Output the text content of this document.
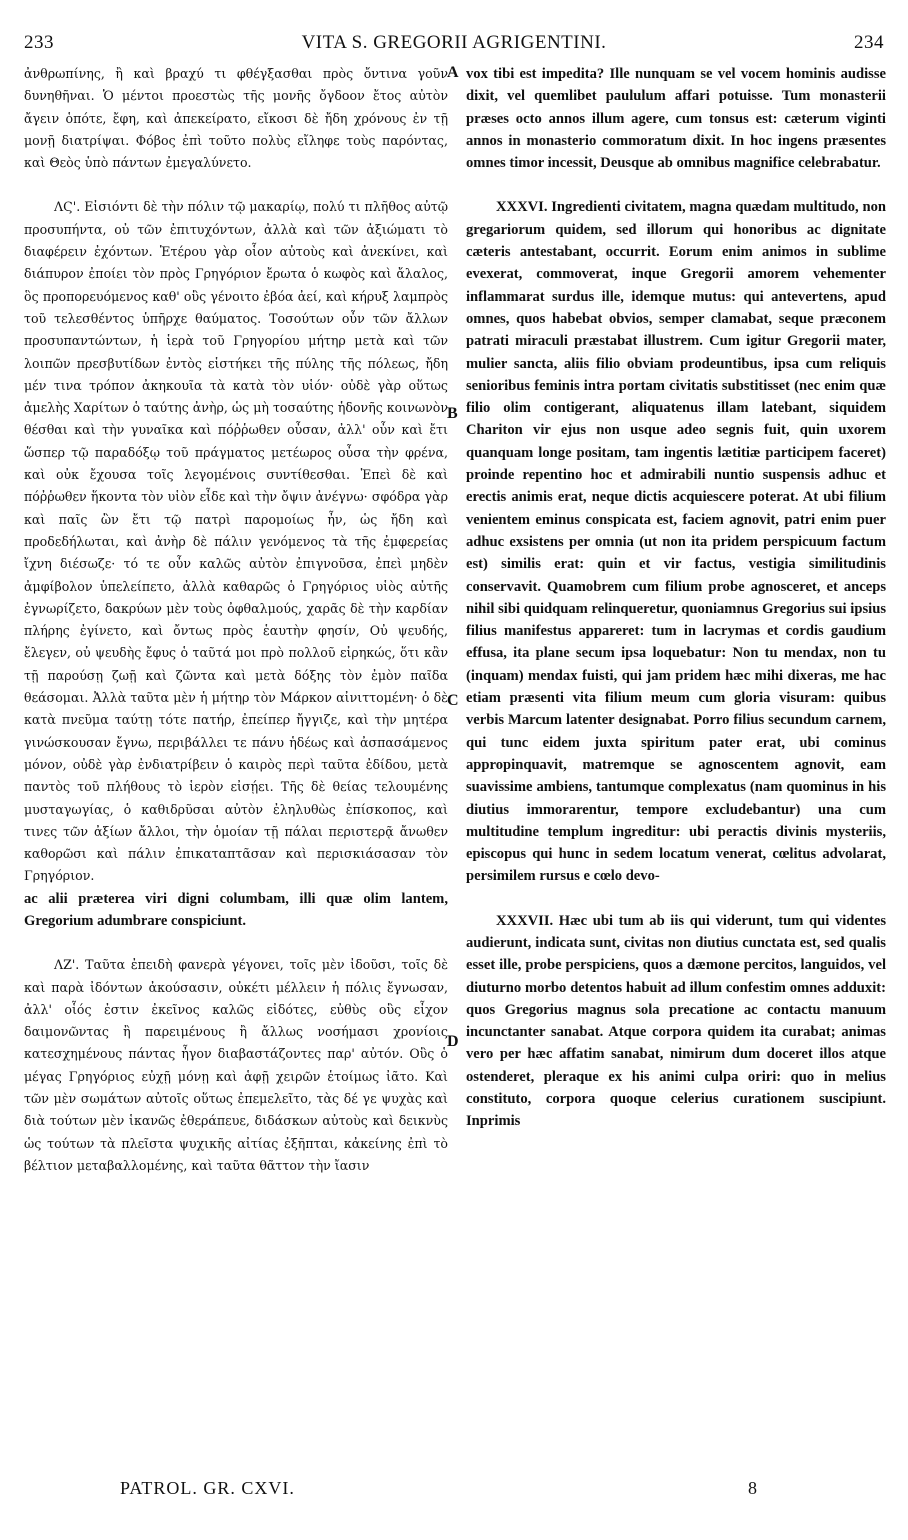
233	VITA S. GREGORII AGRIGENTINI.	234

ἀνθρωπίνης, ἢ καὶ βραχύ τι φθέγξασθαι πρὸς ὄντινα γοῦν δυνηθῆναι. Ὁ μέντοι προεστὼς τῆς μονῆς ὄγδοον ἔτος αὐτὸν ἄγειν ὁπότε, ἔφη, καὶ ἀπεκείρατο, εἴκοσι δὲ ἤδη χρόνους ἐν τῇ μονῇ διατρίψαι. Φόβος ἐπὶ τοῦτο πολὺς εἴληφε τοὺς παρόντας, καὶ Θεὸς ὑπὸ πάντων ἐμεγαλύνετο.

ΛϚ'. Εἰσιόντι δὲ τὴν πόλιν τῷ μακαρίῳ, πολύ τι πλῆθος αὐτῷ προσυπήντα, οὐ τῶν ἐπιτυχόντων, ἀλλὰ καὶ τῶν ἀξιώματι τὸ διαφέρειν ἐχόντων. Ἑτέρου γὰρ οἷον αὐτοὺς καὶ ἀνεκίνει, καὶ διάπυρον ἐποίει τὸν πρὸς Γρηγόριον ἔρωτα ὁ κωφὸς καὶ ἄλαλος, ὃς προπορευόμενος καθ' οὓς γένοιτο ἐβόα ἀεί, καὶ κήρυξ λαμπρὸς τοῦ τελεσθέντος ὑπῆρχε θαύματος. Τοσούτων οὖν τῶν ἄλλων προσυπαντώντων, ἡ ἱερὰ τοῦ Γρηγορίου μήτηρ μετὰ καὶ τῶν λοιπῶν πρεσβυτίδων ἐντὸς εἱστήκει τῆς πύλης τῆς πόλεως, ἤδη μέν τινα τρόπον ἀκηκουῖα τὰ κατὰ τὸν υἱόν· οὐδὲ γὰρ οὕτως ἀμελὴς Χαρίτων ὁ ταύτης ἀνὴρ, ὡς μὴ τοσαύτης ἡδονῆς κοινωνὸν θέσθαι καὶ τὴν γυναῖκα καὶ πόῤῥωθεν οὖσαν, ἀλλ' οὖν καὶ ἔτι ὥσπερ τῷ παραδόξῳ τοῦ πράγματος μετέωρος οὖσα τὴν φρένα, καὶ οὐκ ἔχουσα τοῖς λεγομένοις συντίθεσθαι. Ἐπεὶ δὲ καὶ πόῤῥωθεν ἥκοντα τὸν υἱὸν εἶδε καὶ τὴν ὄψιν ἀνέγνω· σφόδρα γὰρ καὶ παῖς ὢν ἔτι τῷ πατρὶ παρομοίως ἦν, ὡς ἤδη καὶ προδεδήλωται, καὶ ἀνὴρ δὲ πάλιν γενόμενος τὰ τῆς ἐμφερείας ἴχνη διέσωζε· τό τε οὖν καλῶς αὐτὸν ἐπιγνοῦσα, ἐπεὶ μηδὲν ἀμφίβολον ὑπελείπετο, ἀλλὰ καθαρῶς ὁ Γρηγόριος υἱὸς αὐτῆς ἐγνωρίζετο, δακρύων μὲν τοὺς ὀφθαλμούς, χαρᾶς δὲ τὴν καρδίαν πλήρης ἐγίνετο, καὶ ὄντως πρὸς ἑαυτὴν φησίν, Οὐ ψευδής, ἔλεγεν, οὐ ψευδὴς ἔφυς ὁ ταῦτά μοι πρὸ πολλοῦ εἰρηκώς, ὅτι κἂν τῇ παρούσῃ ζωῇ καὶ ζῶντα καὶ μετὰ δόξης τὸν ἐμὸν παῖδα θεάσομαι. Ἀλλὰ ταῦτα μὲν ἡ μήτηρ τὸν Μάρκον αἰνιττομένη· ὁ δὲ κατὰ πνεῦμα ταύτῃ τότε πατήρ, ἐπείπερ ἤγγιζε, καὶ τὴν μητέρα γινώσκουσαν ἔγνω, περιβάλλει τε πάνυ ἡδέως καὶ ἀσπασάμενος μόνον, οὐδὲ γὰρ ἐνδιατρίβειν ὁ καιρὸς περὶ ταῦτα ἐδίδου, μετὰ παντὸς τοῦ πλήθους τὸ ἱερὸν εἰσῄει. Τῆς δὲ θείας τελουμένης μυσταγωγίας, ὁ καθιδρῦσαι αὐτὸν ἐληλυθὼς ἐπίσκοπος, καὶ τινες τῶν ἀξίων ἄλλοι, τὴν ὁμοίαν τῇ πάλαι περιστερᾷ ἄνωθεν καθορῶσι καὶ πάλιν ἐπικαταπτᾶσαν καὶ περισκιάσασαν τὸν Γρηγόριον.

ac alii præterea viri digni columbam, illi quæ olim lantem, Gregorium adumbrare conspiciunt.

ΛΖ'. Ταῦτα ἐπειδὴ φανερὰ γέγονει, τοῖς μὲν ἰδοῦσι, τοῖς δὲ καὶ παρὰ ἰδόντων ἀκούσασιν, οὐκέτι μέλλειν ἡ πόλις ἔγνωσαν, ἀλλ' οἷός ἐστιν ἐκεῖνος καλῶς εἰδότες, εὐθὺς οὓς εἶχον δαιμονῶντας ἢ παρειμένους ἢ ἄλλως νοσήμασι χρονίοις κατεσχημένους πάντας ἦγον διαβαστάζοντες παρ' αὐτόν. Οὓς ὁ μέγας Γρηγόριος εὐχῇ μόνῃ καὶ ἁφῇ χειρῶν ἑτοίμως ἰᾶτο. Καὶ τῶν μὲν σωμάτων αὐτοῖς οὕτως ἐπεμελεῖτο, τὰς δέ γε ψυχὰς καὶ διὰ τούτων μὲν ἱκανῶς ἐθεράπευε, διδάσκων αὐτοὺς καὶ δεικνὺς ὡς τούτων τὰ πλεῖστα ψυχικῆς αἰτίας ἐξῆπται, κἀκείνης ἐπὶ τὸ βέλτιον μεταβαλλομένης, καὶ ταῦτα θᾶττον τὴν ἴασιν

vox tibi est impedita? Ille nunquam se vel vocem hominis audisse dixit, vel quemlibet paululum affari potuisse. Tum monasterii præses octo annos illum agere, cum tonsus est: cæterum viginti annos in monasterio commoratum dixit. In hoc ingens præsentes omnes timor incessit, Deusque ab omnibus magnifice celebrabatur.

XXXVI. Ingredienti civitatem, magna quædam multitudo, non gregariorum quidem, sed illorum qui honoribus ac dignitate cæteris antestabant, occurrit. Eorum enim animos in sublime evexerat, commoverat, inque Gregorii amorem vehementer inflammarat surdus ille, idemque mutus: qui antevertens, apud omnes, quos habebat obvios, semper clamabat, seque præconem patrati miraculi præstabat illustrem. Cum igitur Gregorii mater, mulier sancta, aliis filio obviam prodeuntibus, ipsa cum reliquis senioribus feminis intra portam civitatis substitisset (nec enim quæ filio olim contigerant, aliquatenus illam latebant, siquidem Chariton vir ejus non usque adeo segnis fuit, quin uxorem quanquam longe positam, tam ingentis lætitiæ participem faceret) proinde repentino hoc et admirabili nuntio suspensis adhuc et erectis animis erat, neque dictis acquiescere poterat. At ubi filium venientem eminus conspicata est, faciem agnovit, patri enim puer adhuc exsistens per omnia (ut non ita pridem perspicuum factum est) similis erat: quin et vir factus, vestigia similitudinis conservavit. Quamobrem cum filium probe agnosceret, et anceps nihil sibi quidquam relinqueretur, quoniamnus Gregorius sui ipsius filius manifestus appareret: tum in lacrymas et cordis gaudium effusa, ita plane secum ipsa loquebatur: Non tu mendax, non tu (inquam) mendax fuisti, qui jam pridem hæc mihi dixeras, me hac etiam præsenti vita filium meum cum gloria visuram: quibus verbis Marcum latenter designabat. Porro filius secundum carnem, qui tunc eidem juxta spiritum pater erat, ubi cominus appropinquavit, matremque se agnoscentem agnovit, eam suavissime ambiens, tantumque complexatus (nam quominus in his diutius immorarentur, tempore excludebantur) una cum multitudine templum ingreditur: ubi peractis divinis mysteriis, episcopus qui hunc in sedem locatum venerat, cœlitus advolarat, persimilem rursus e cœlo devo-

XXXVII. Hæc ubi tum ab iis qui viderunt, tum qui videntes audierunt, indicata sunt, civitas non diutius cunctata est, sed qualis esset ille, probe perspiciens, quos a dæmone percitos, languidos, vel diuturno morbo detentos habuit ad illum confestim omnes adduxit: quos Gregorius magnus sola precatione ac contactu manuum incunctanter sanabat. Atque corpora quidem ita curabat; animas vero per hæc affatim sanabat, nimirum dum doceret illos atque ostenderet, pleraque ex his animi culpa oriri: quo in melius constituto, corpora quoque celerius curationem suscipiunt. Inprimis

A
B
C
D
PATROL. GR. CXVI.	8
